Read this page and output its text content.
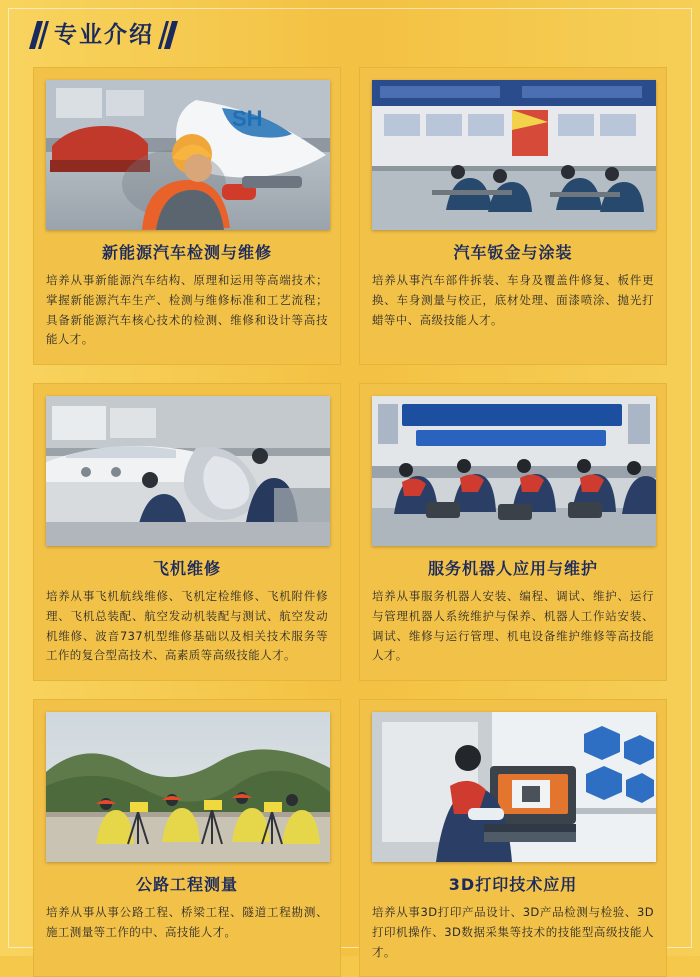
专业介绍
SH
新能源汽车检测与维修
培养从事新能源汽车结构、原理和运用等高端技术；掌握新能源汽车生产、检测与维修标准和工艺流程；具备新能源汽车核心技术的检测、维修和设计等高技能人才。
汽车钣金与涂装
培养从事汽车部件拆装、车身及覆盖件修复、板件更换、车身测量与校正，底材处理、面漆喷涂、抛光打蜡等中、高级技能人才。
飞机维修
培养从事飞机航线维修、飞机定检维修、飞机附件修理、飞机总装配、航空发动机装配与测试、航空发动机维修、波音737机型维修基础以及相关技术服务等工作的复合型高技术、高素质等高级技能人才。
服务机器人应用与维护
培养从事服务机器人安装、编程、调试、维护、运行与管理机器人系统维护与保养、机器人工作站安装、调试、维修与运行管理、机电设备维护维修等高技能人才。
公路工程测量
培养从事从事公路工程、桥梁工程、隧道工程勘测、施工测量等工作的中、高技能人才。
3D打印技术应用
培养从事3D打印产品设计、3D产品检测与检验、3D打印机操作、3D数据采集等技术的技能型高级技能人才。
